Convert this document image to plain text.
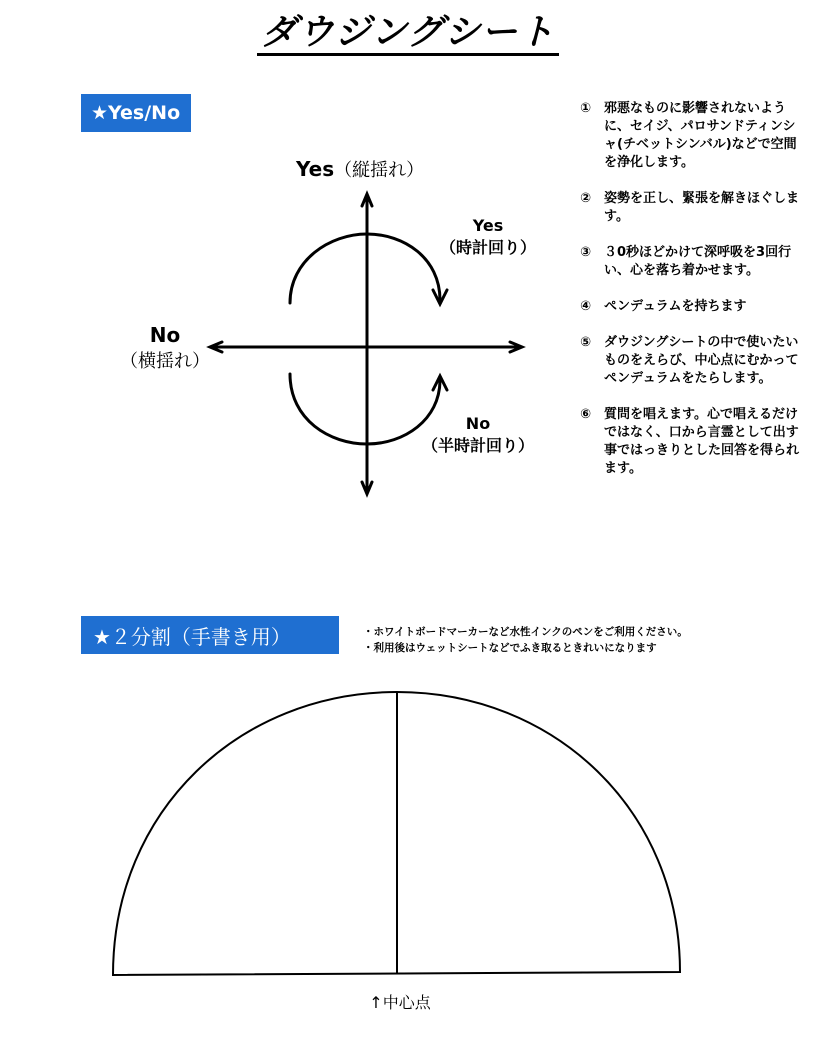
ダウジングシート
★Yes/No
Yes（縦揺れ）
No
（横揺れ）
Yes
（時計回り）
No
（半時計回り）
① 邪悪なものに影響されないように、セイジ、パロサンドティンシャ(チベットシンバル)などで空間を浄化します。
② 姿勢を正し、緊張を解きほぐします。
③ ３0秒ほどかけて深呼吸を3回行い、心を落ち着かせます。
④ ペンデュラムを持ちます
⑤ ダウジングシートの中で使いたいものをえらび、中心点にむかってペンデュラムをたらします。
⑥ 質問を唱えます。心で唱えるだけではなく、口から言霊として出す事ではっきりとした回答を得られます。
★２分割（手書き用）	・ホワイトボードマーカーなど水性インクのペンをご利用ください。
・利用後はウェットシートなどでふき取るときれいになります
↑中心点
